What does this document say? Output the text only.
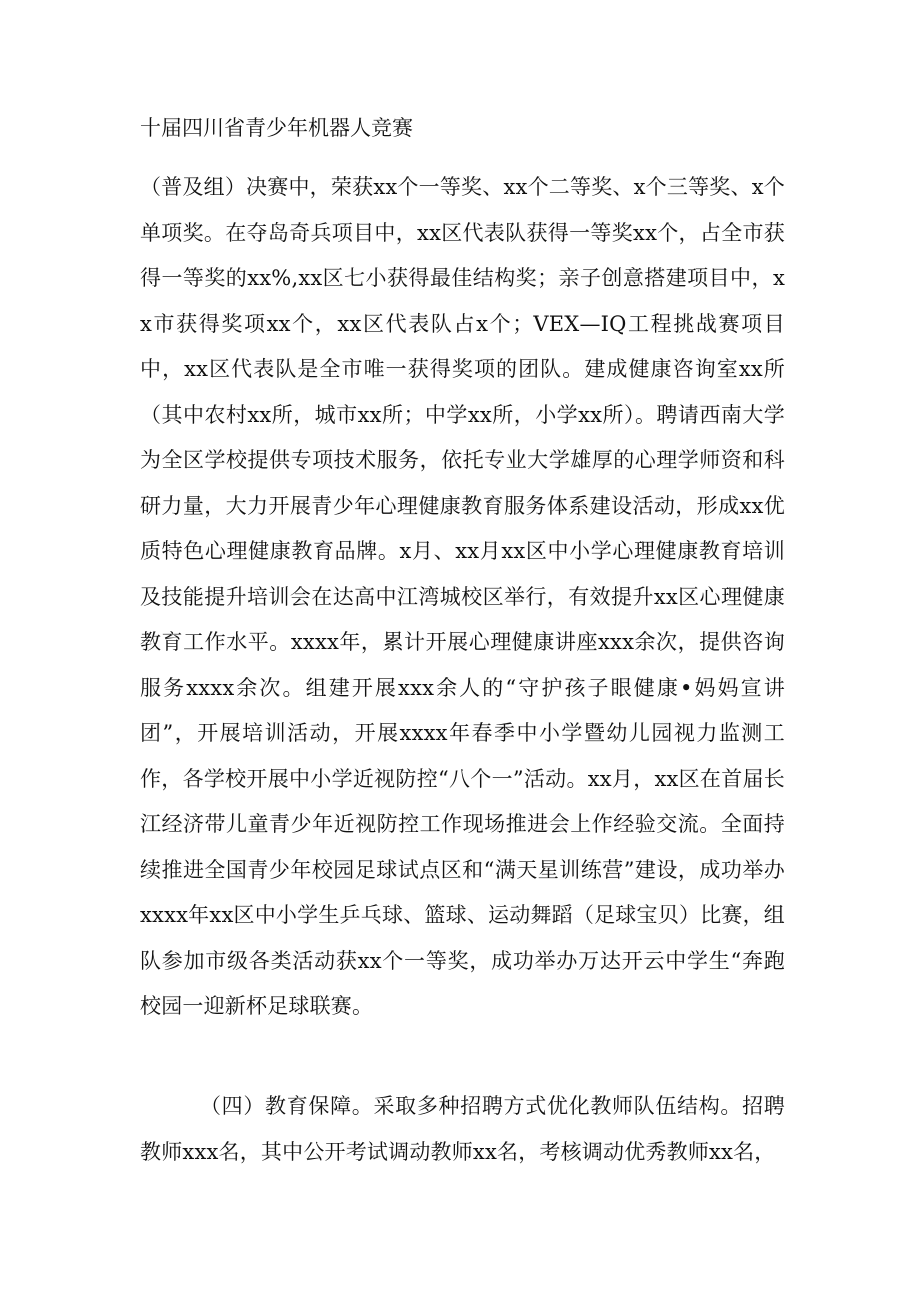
十届四川省青少年机器人竞赛

（普及组）决赛中，荣获xx个一等奖、xx个二等奖、x个三等奖、x个单项奖。在夺岛奇兵项目中，xx区代表队获得一等奖xx个，占全市获得一等奖的xx%,xx区七小获得最佳结构奖；亲子创意搭建项目中，xx市获得奖项xx个，xx区代表队占x个；VEX—IQ工程挑战赛项目中，xx区代表队是全市唯一获得奖项的团队。建成健康咨询室xx所（其中农村xx所，城市xx所；中学xx所，小学xx所）。聘请西南大学为全区学校提供专项技术服务，依托专业大学雄厚的心理学师资和科研力量，大力开展青少年心理健康教育服务体系建设活动，形成xx优质特色心理健康教育品牌。x月、xx月xx区中小学心理健康教育培训及技能提升培训会在达高中江湾城校区举行，有效提升xx区心理健康教育工作水平。xxxx年，累计开展心理健康讲座xxx余次，提供咨询服务xxxx余次。组建开展xxx余人的“守护孩子眼健康•妈妈宣讲团”，开展培训活动，开展xxxx年春季中小学暨幼儿园视力监测工作，各学校开展中小学近视防控“八个一”活动。xx月，xx区在首届长江经济带儿童青少年近视防控工作现场推进会上作经验交流。全面持续推进全国青少年校园足球试点区和“满天星训练营”建设，成功举办xxxx年xx区中小学生乒乓球、篮球、运动舞蹈（足球宝贝）比赛，组队参加市级各类活动获xx个一等奖，成功举办万达开云中学生“奔跑校园一迎新杯足球联赛。

（四）教育保障。采取多种招聘方式优化教师队伍结构。招聘教师xxx名，其中公开考试调动教师xx名，考核调动优秀教师xx名，
